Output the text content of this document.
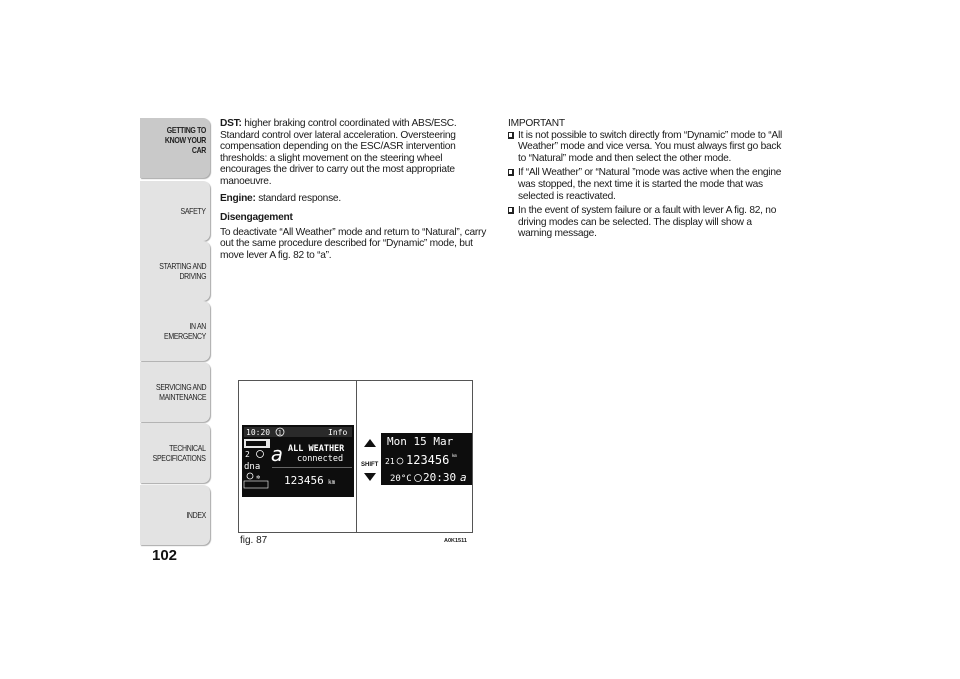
GETTING TO
KNOW YOUR CAR
SAFETY
STARTING AND
DRIVING
IN AN EMERGENCY
SERVICING AND
MAINTENANCE
TECHNICAL
SPECIFICATIONS
INDEX
102

DST: higher braking control coordinated with ABS/ESC. Standard control over lateral acceleration. Oversteering compensation depending on the ESC/ASR intervention thresholds: a slight movement on the steering wheel encourages the driver to carry out the most appropriate manoeuvre.

Engine: standard response.

Disengagement

To deactivate “All Weather” mode and return to “Natural”, carry out the same procedure described for “Dynamic” mode, but move lever A fig. 82 to “a”.

IMPORTANT

It is not possible to switch directly from “Dynamic” mode to “All Weather” mode and vice versa. You must always first go back to “Natural” mode and then select the other mode.
If “All Weather” or “Natural ”mode was active when the engine was stopped, the next time it is started the mode that was selected is reactivated.
In the event of system failure or a fault with lever A fig. 82, no driving modes can be selected. The display will show a warning message.
10:20 1	Info
2
dna
✲
a ALL WEATHER
connected
123456 km
SHIFT
Mon 15 Mar
21 123456 km
20°C 20:30 a
fig. 87	A0K1511
